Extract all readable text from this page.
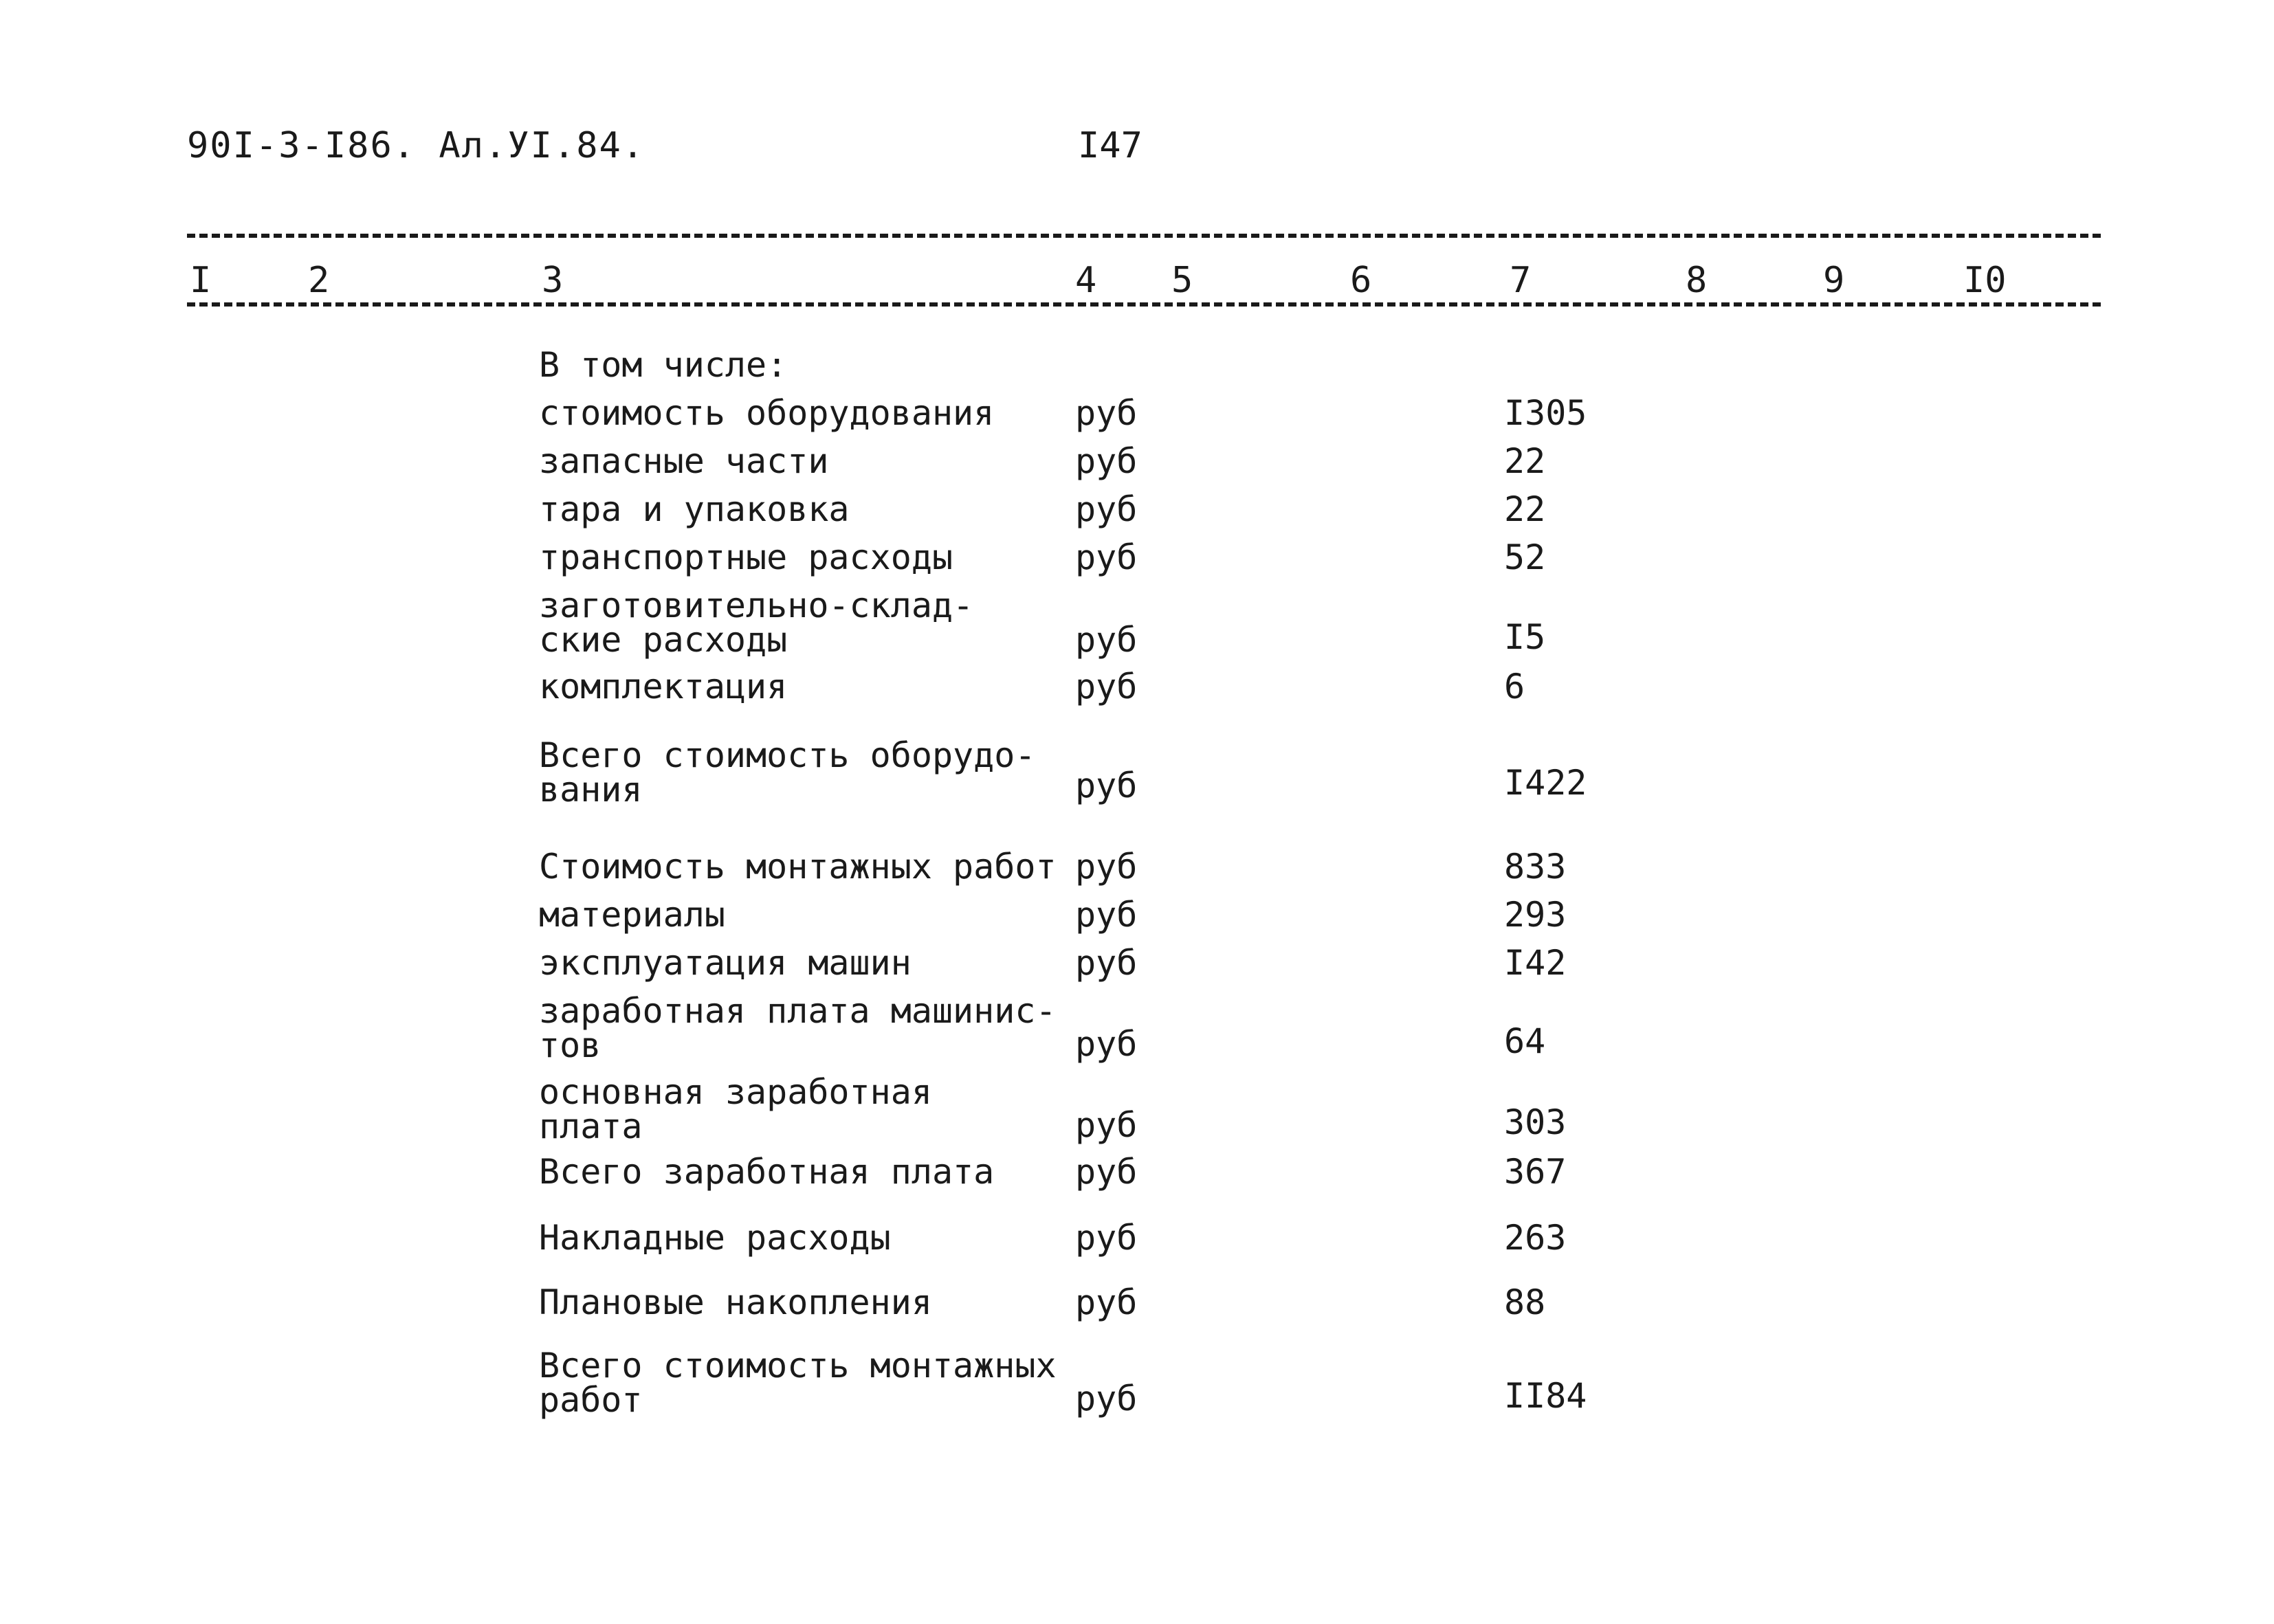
90I-3-I86. Ал.УI.84.	I47
I	2	3	4 5	6	7	8	9	I0
В том числе:
стоимость оборудования	руб	I305
запасные части	руб	22
тара и упаковка	руб	22
транспортные расходы	руб	52
заготовительно-склад-
ские расходы	руб	I5
комплектация	руб	6
Всего стоимость оборудо-
вания	руб	I422
Стоимость монтажных работ руб	833
материалы	руб	293
эксплуатация машин	руб	I42
заработная плата машинис-
тов	руб	64
основная заработная
плата	руб	303
Всего заработная плата	руб	367
Накладные расходы	руб	263
Плановые накопления	руб	88
Всего стоимость монтажных
работ	руб	II84
